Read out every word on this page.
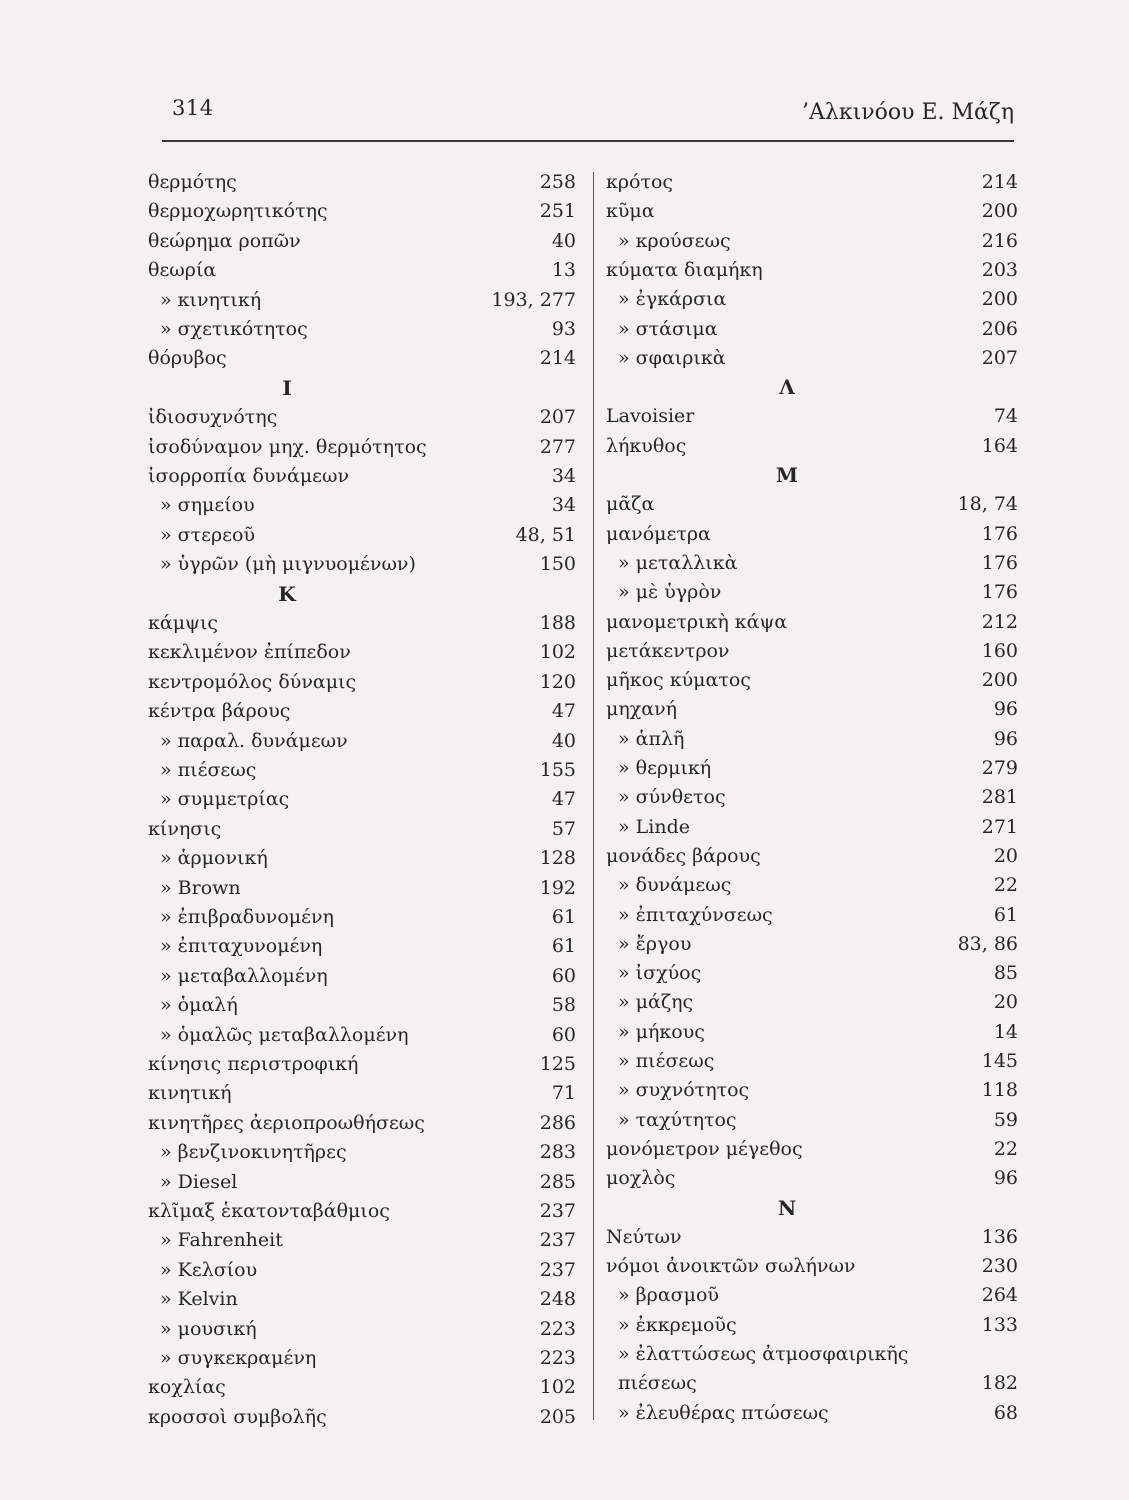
314	’Αλκινόου Ε. Μάζη
θερμότης	258
θερμοχωρητικότης	251
θεώρημα ροπῶν	40
θεωρία	13
» κινητική	193, 277
» σχετικότητος	93
θόρυβος	214
Ι
ἰδιοσυχνότης	207
ἰσοδύναμον μηχ. θερμότητος	277
ἰσορροπία δυνάμεων	34
» σημείου	34
» στερεοῦ	48, 51
» ὑγρῶν (μὴ μιγνυομένων)	150
Κ
κάμψις	188
κεκλιμένον ἐπίπεδον	102
κεντρομόλος δύναμις	120
κέντρα βάρους	47
» παραλ. δυνάμεων	40
» πιέσεως	155
» συμμετρίας	47
κίνησις	57
» ἁρμονική	128
» Brown	192
» ἐπιβραδυνομένη	61
» ἐπιταχυνομένη	61
» μεταβαλλομένη	60
» ὁμαλή	58
» ὁμαλῶς μεταβαλλομένη	60
κίνησις περιστροφική	125
κινητική	71
κινητῆρες ἀεριοπροωθήσεως	286
» βενζινοκινητῆρες	283
» Diesel	285
κλῖμαξ ἑκατονταβάθμιος	237
» Fahrenheit	237
» Κελσίου	237
» Kelvin	248
» μουσική	223
» συγκεκραμένη	223
κοχλίας	102
κροσσοὶ συμβολῆς	205
κρότος	214
κῦμα	200
» κρούσεως	216
κύματα διαμήκη	203
» ἐγκάρσια	200
» στάσιμα	206
» σφαιρικὰ	207
Λ
Lavoisier	74
λήκυθος	164
Μ
μᾶζα	18, 74
μανόμετρα	176
» μεταλλικὰ	176
» μὲ ὑγρὸν	176
μανομετρικὴ κάψα	212
μετάκεντρον	160
μῆκος κύματος	200
μηχανή	96
» ἁπλῆ	96
» θερμική	279
» σύνθετος	281
» Linde	271
μονάδες βάρους	20
» δυνάμεως	22
» ἐπιταχύνσεως	61
» ἔργου	83, 86
» ἰσχύος	85
» μάζης	20
» μήκους	14
» πιέσεως	145
» συχνότητος	118
» ταχύτητος	59
μονόμετρον μέγεθος	22
μοχλὸς	96
Ν
Νεύτων	136
νόμοι ἀνοικτῶν σωλήνων	230
» βρασμοῦ	264
» ἐκκρεμοῦς	133
» ἐλαττώσεως ἀτμοσφαιρικῆς
πιέσεως	182
» ἐλευθέρας πτώσεως	68
